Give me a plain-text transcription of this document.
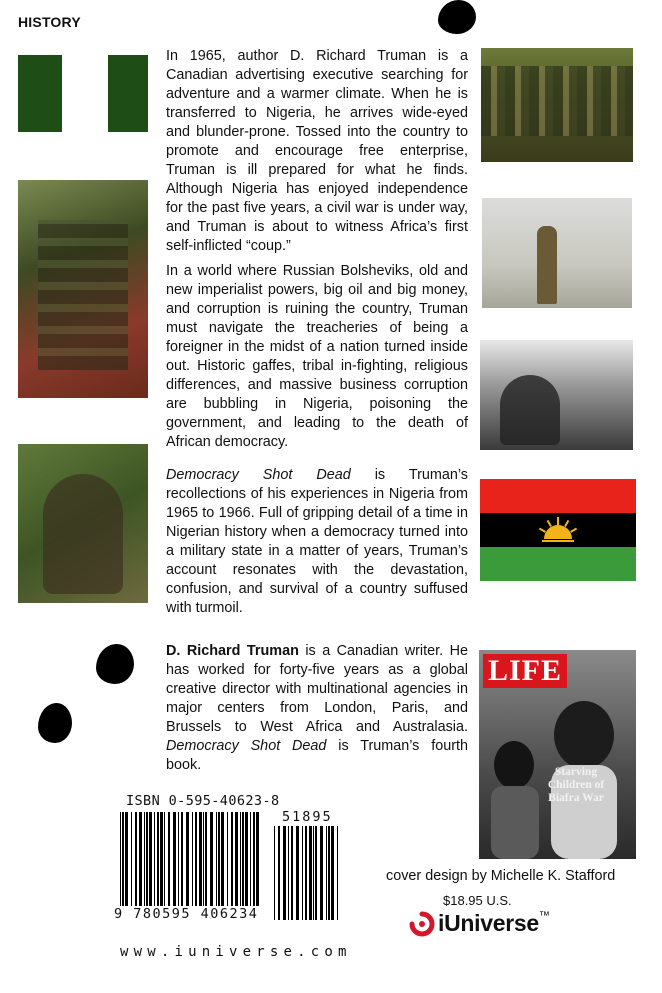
HISTORY

In 1965, author D. Richard Truman is a Canadian advertising executive searching for adventure and a warmer climate. When he is transferred to Nigeria, he arrives wide-eyed and blunder-prone. Tossed into the country to promote and encourage free enterprise, Truman is ill prepared for what he finds. Although Nigeria has enjoyed independence for the past five years, a civil war is under way, and Truman is about to witness Africa’s first self-inflicted “coup.”

In a world where Russian Bolsheviks, old and new imperialist powers, big oil and big money, and corruption is ruining the country, Truman must navigate the treacheries of being a foreigner in the midst of a nation turned inside out. Historic gaffes, tribal in-fighting, religious differences, and massive business corruption are bubbling in Nigeria, poisoning the government, and leading to the death of African democracy.

Democracy Shot Dead is Truman’s recollections of his experiences in Nigeria from 1965 to 1966. Full of gripping detail of a time in Nigerian history when a democracy turned into a military state in a matter of years, Truman’s account resonates with the devastation, confusion, and survival of a country suffused with turmoil.

D. Richard Truman is a Canadian writer. He has worked for forty-five years as a global creative director with multinational agencies in major centers from London, Paris, and Brussels to West Africa and Australasia. Democracy Shot Dead is Truman’s fourth book.

LIFE
Starving
Children of
Biafra War
ISBN 0-595-40623-8
51895
9 780595 406234
www.iuniverse.com
cover design by Michelle K. Stafford
$18.95 U.S.
iUniverse™
